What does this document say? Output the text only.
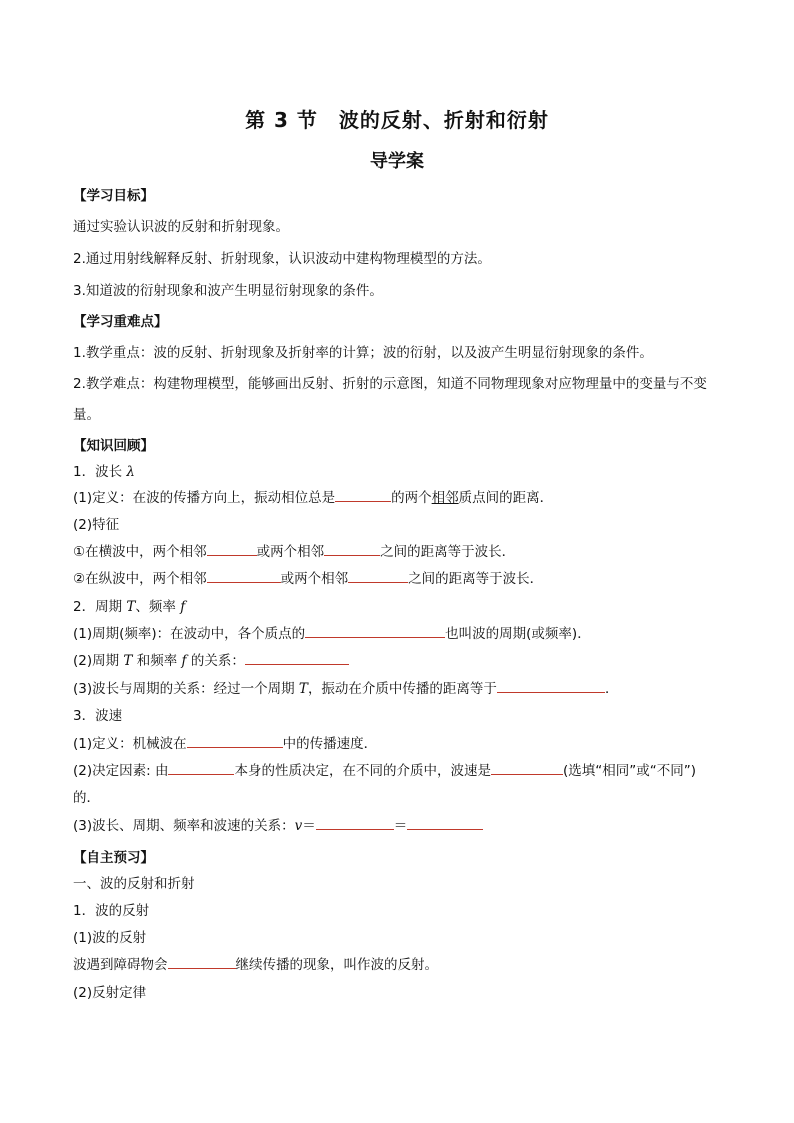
第 3 节　波的反射、折射和衍射
导学案
【学习目标】
通过实验认识波的反射和折射现象。
2.通过用射线解释反射、折射现象，认识波动中建构物理模型的方法。
3.知道波的衍射现象和波产生明显衍射现象的条件。
【学习重难点】
1.教学重点：波的反射、折射现象及折射率的计算；波的衍射，以及波产生明显衍射现象的条件。
2.教学难点：构建物理模型，能够画出反射、折射的示意图，知道不同物理现象对应物理量中的变量与不变
量。
【知识回顾】
1．波长 λ
(1)定义：在波的传播方向上，振动相位总是	的两个相邻质点间的距离．
(2)特征
①在横波中，两个相邻	或两个相邻	之间的距离等于波长．
②在纵波中，两个相邻	或两个相邻	之间的距离等于波长．
2．周期 T、频率 f
(1)周期(频率)：在波动中，各个质点的	也叫波的周期(或频率)．
(2)周期 T 和频率 f 的关系：
(3)波长与周期的关系：经过一个周期 T，振动在介质中传播的距离等于	．
3．波速
(1)定义：机械波在	中的传播速度．
(2)决定因素: 由	本身的性质决定，在不同的介质中，波速是	(选填“相同”或“不同”)
的．
(3)波长、周期、频率和波速的关系：v＝	＝
【自主预习】
一、波的反射和折射
1．波的反射
(1)波的反射
波遇到障碍物会	继续传播的现象，叫作波的反射。
(2)反射定律
